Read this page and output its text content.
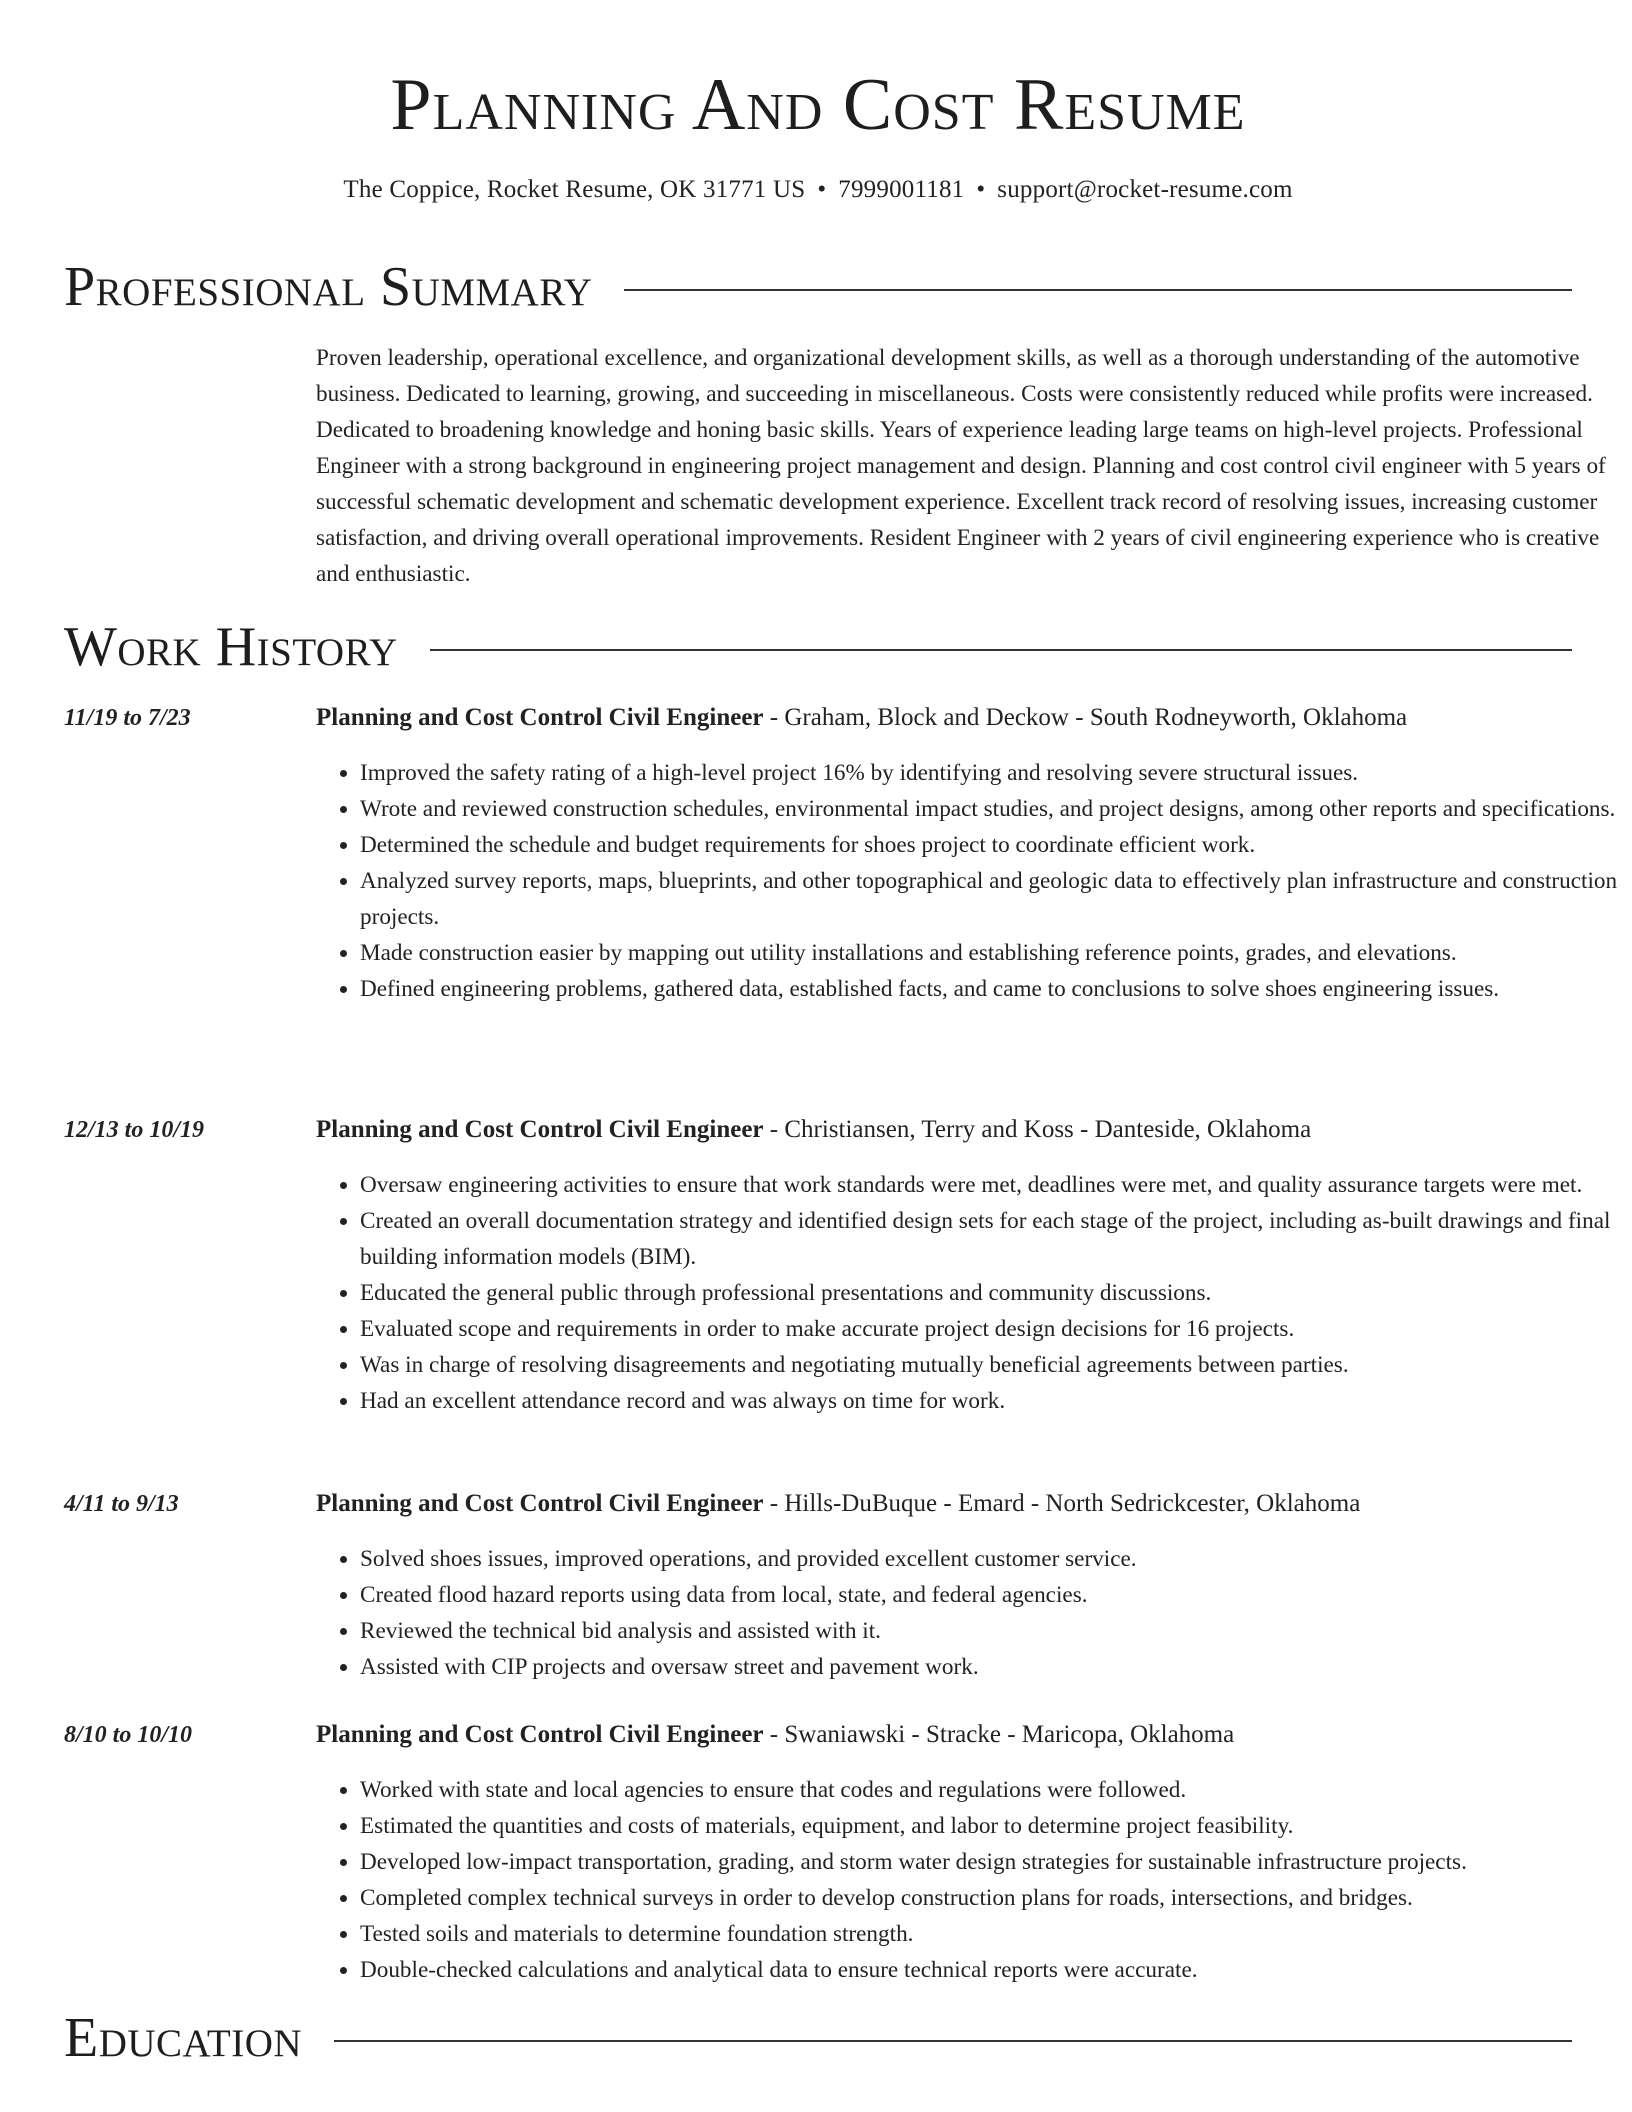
Planning And Cost Resume
The Coppice, Rocket Resume, OK 31771 US • 7999001181 • support@rocket-resume.com
Professional Summary

Proven leadership, operational excellence, and organizational development skills, as well as a thorough understanding of the automotive business. Dedicated to learning, growing, and succeeding in miscellaneous. Costs were consistently reduced while profits were increased. Dedicated to broadening knowledge and honing basic skills. Years of experience leading large teams on high-level projects. Professional Engineer with a strong background in engineering project management and design. Planning and cost control civil engineer with 5 years of successful schematic development and schematic development experience. Excellent track record of resolving issues, increasing customer satisfaction, and driving overall operational improvements. Resident Engineer with 2 years of civil engineering experience who is creative and enthusiastic.

Work History
11/19 to 7/23	Planning and Cost Control Civil Engineer - Graham, Block and Deckow - South Rodneyworth, Oklahoma
• Improved the safety rating of a high-level project 16% by identifying and resolving severe structural issues.
• Wrote and reviewed construction schedules, environmental impact studies, and project designs, among other reports and specifications.
• Determined the schedule and budget requirements for shoes project to coordinate efficient work.
• Analyzed survey reports, maps, blueprints, and other topographical and geologic data to effectively plan infrastructure and construction projects.
• Made construction easier by mapping out utility installations and establishing reference points, grades, and elevations.
• Defined engineering problems, gathered data, established facts, and came to conclusions to solve shoes engineering issues.
12/13 to 10/19	Planning and Cost Control Civil Engineer - Christiansen, Terry and Koss - Danteside, Oklahoma
• Oversaw engineering activities to ensure that work standards were met, deadlines were met, and quality assurance targets were met.
• Created an overall documentation strategy and identified design sets for each stage of the project, including as-built drawings and final building information models (BIM).
• Educated the general public through professional presentations and community discussions.
• Evaluated scope and requirements in order to make accurate project design decisions for 16 projects.
• Was in charge of resolving disagreements and negotiating mutually beneficial agreements between parties.
• Had an excellent attendance record and was always on time for work.
4/11 to 9/13	Planning and Cost Control Civil Engineer - Hills-DuBuque - Emard - North Sedrickcester, Oklahoma
• Solved shoes issues, improved operations, and provided excellent customer service.
• Created flood hazard reports using data from local, state, and federal agencies.
• Reviewed the technical bid analysis and assisted with it.
• Assisted with CIP projects and oversaw street and pavement work.
8/10 to 10/10	Planning and Cost Control Civil Engineer - Swaniawski - Stracke - Maricopa, Oklahoma
• Worked with state and local agencies to ensure that codes and regulations were followed.
• Estimated the quantities and costs of materials, equipment, and labor to determine project feasibility.
• Developed low-impact transportation, grading, and storm water design strategies for sustainable infrastructure projects.
• Completed complex technical surveys in order to develop construction plans for roads, intersections, and bridges.
• Tested soils and materials to determine foundation strength.
• Double-checked calculations and analytical data to ensure technical reports were accurate.
Education
